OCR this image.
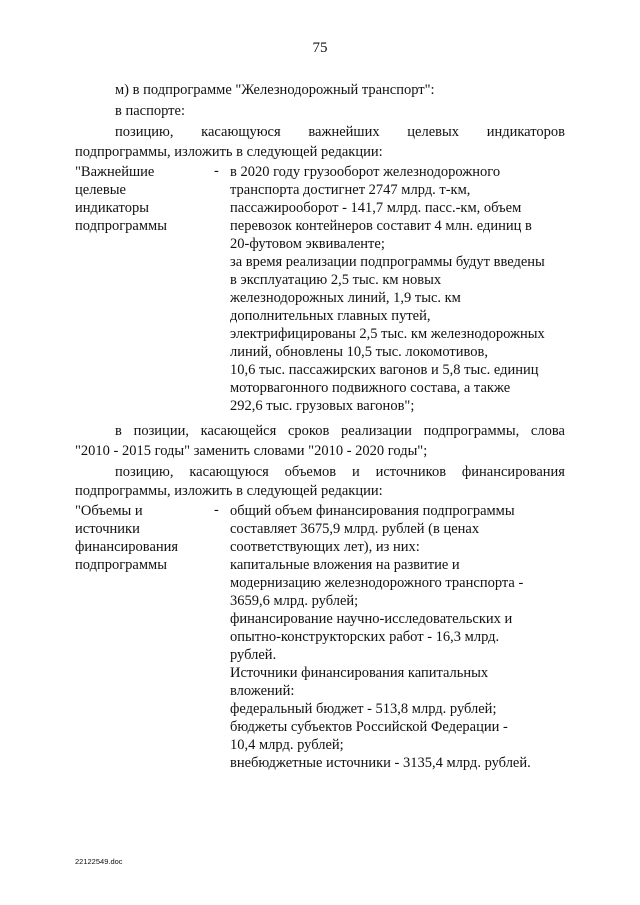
75
м) в подпрограмме "Железнодорожный транспорт":
в паспорте:
позицию, касающуюся важнейших целевых индикаторов
подпрограммы, изложить в следующей редакции:
"Важнейшие
целевые
индикаторы
подпрограммы
- в 2020 году грузооборот железнодорожного
транспорта достигнет 2747 млрд. т-км,
пассажирооборот - 141,7 млрд. пасс.-км, объем
перевозок контейнеров составит 4 млн. единиц в
20-футовом эквиваленте;
за время реализации подпрограммы будут введены
в эксплуатацию 2,5 тыс. км новых
железнодорожных линий, 1,9 тыс. км
дополнительных главных путей,
электрифицированы 2,5 тыс. км железнодорожных
линий, обновлены 10,5 тыс. локомотивов,
10,6 тыс. пассажирских вагонов и 5,8 тыс. единиц
моторвагонного подвижного состава, а также
292,6 тыс. грузовых вагонов";
в позиции, касающейся сроков реализации подпрограммы, слова
"2010 - 2015 годы" заменить словами "2010 - 2020 годы";
позицию, касающуюся объемов и источников финансирования
подпрограммы, изложить в следующей редакции:
"Объемы и
источники
финансирования
подпрограммы
- общий объем финансирования подпрограммы
составляет 3675,9 млрд. рублей (в ценах
соответствующих лет), из них:
капитальные вложения на развитие и
модернизацию железнодорожного транспорта -
3659,6 млрд. рублей;
финансирование научно-исследовательских и
опытно-конструкторских работ - 16,3 млрд.
рублей.
Источники финансирования капитальных
вложений:
федеральный бюджет - 513,8 млрд. рублей;
бюджеты субъектов Российской Федерации -
10,4 млрд. рублей;
внебюджетные источники - 3135,4 млрд. рублей.
22122549.doc
